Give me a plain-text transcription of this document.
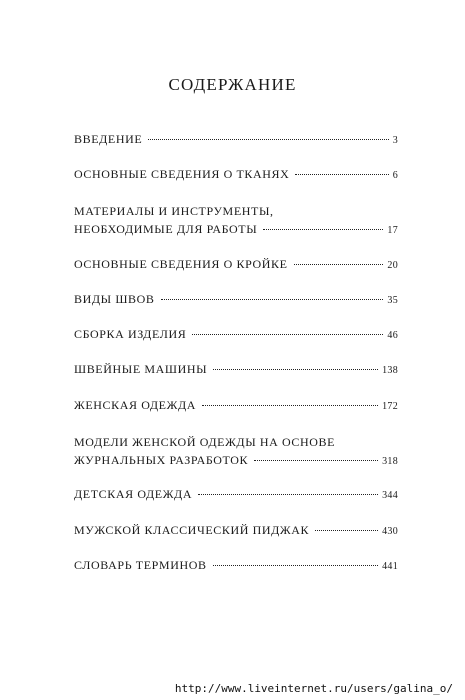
СОДЕРЖАНИЕ
ВВЕДЕНИЕ	3
ОСНОВНЫЕ СВЕДЕНИЯ О ТКАНЯХ	6
МАТЕРИАЛЫ И ИНСТРУМЕНТЫ,
НЕОБХОДИМЫЕ ДЛЯ РАБОТЫ	17
ОСНОВНЫЕ СВЕДЕНИЯ О КРОЙКЕ	20
ВИДЫ ШВОВ	35
СБОРКА ИЗДЕЛИЯ	46
ШВЕЙНЫЕ МАШИНЫ	138
ЖЕНСКАЯ ОДЕЖДА	172
МОДЕЛИ ЖЕНСКОЙ ОДЕЖДЫ НА ОСНОВЕ
ЖУРНАЛЬНЫХ РАЗРАБОТОК	318
ДЕТСКАЯ ОДЕЖДА	344
МУЖСКОЙ КЛАССИЧЕСКИЙ ПИДЖАК	430
СЛОВАРЬ ТЕРМИНОВ	441
http://www.liveinternet.ru/users/galina_o/
